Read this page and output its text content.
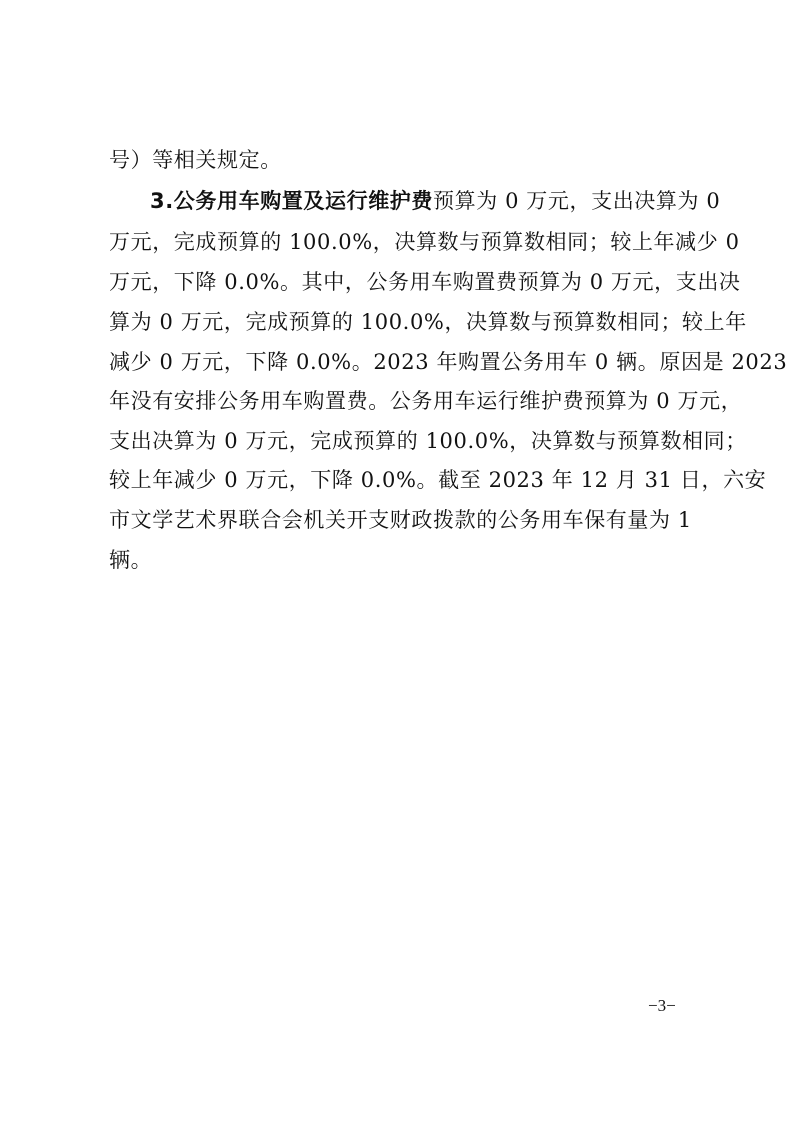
号）等相关规定。
3.公务用车购置及运行维护费预算为 0 万元，支出决算为 0
万元，完成预算的 100.0%，决算数与预算数相同；较上年减少 0
万元，下降 0.0%。其中，公务用车购置费预算为 0 万元，支出决
算为 0 万元，完成预算的 100.0%，决算数与预算数相同；较上年
减少 0 万元，下降 0.0%。2023 年购置公务用车 0 辆。原因是 2023
年没有安排公务用车购置费。公务用车运行维护费预算为 0 万元，
支出决算为 0 万元，完成预算的 100.0%，决算数与预算数相同；
较上年减少 0 万元，下降 0.0%。截至 2023 年 12 月 31 日，六安
市文学艺术界联合会机关开支财政拨款的公务用车保有量为 1
辆。
−3−
